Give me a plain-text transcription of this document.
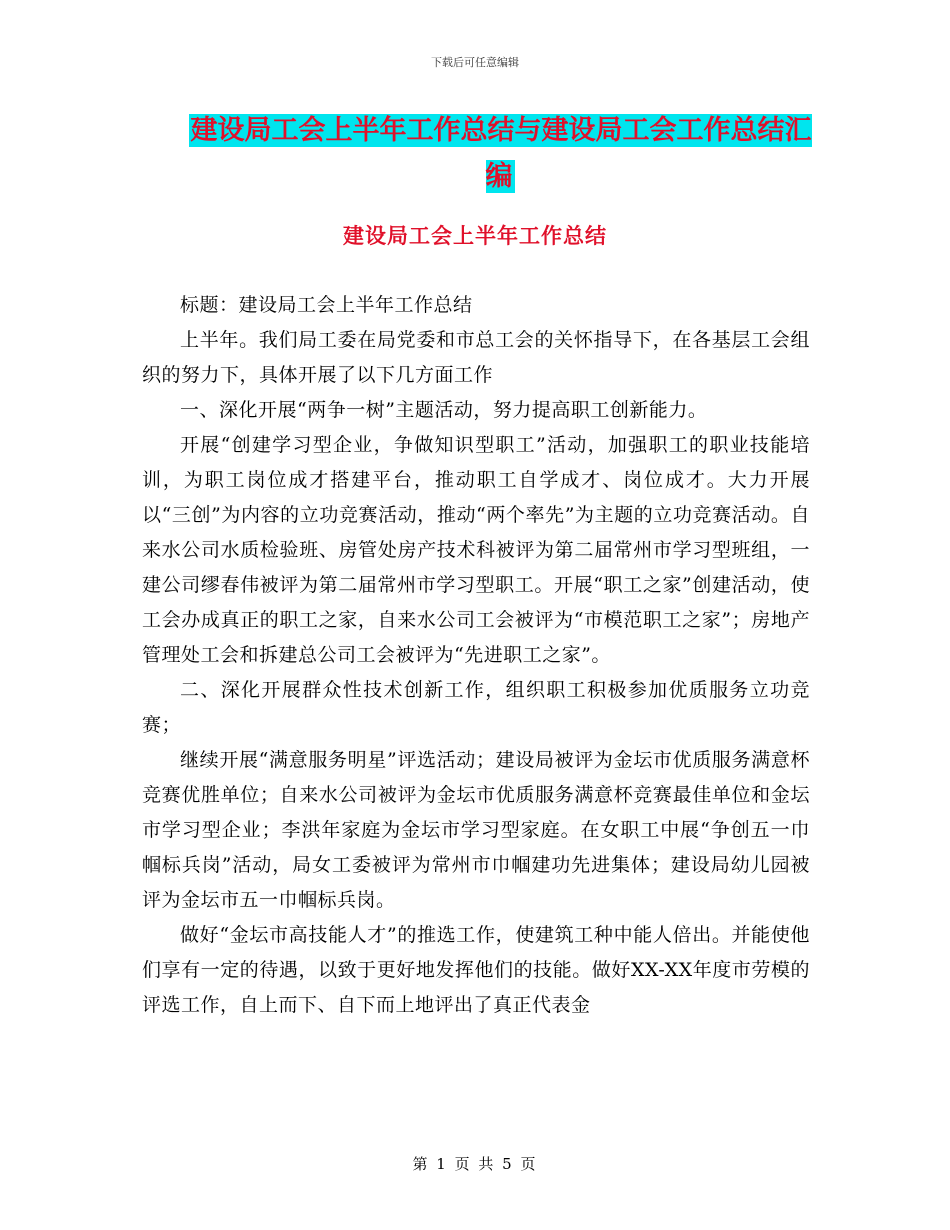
下载后可任意编辑
建设局工会上半年工作总结与建设局工会工作总结汇编
建设局工会上半年工作总结

标题：建设局工会上半年工作总结

上半年。我们局工委在局党委和市总工会的关怀指导下，在各基层工会组织的努力下，具体开展了以下几方面工作

一、深化开展“两争一树”主题活动，努力提高职工创新能力。

开展“创建学习型企业，争做知识型职工”活动，加强职工的职业技能培训，为职工岗位成才搭建平台，推动职工自学成才、岗位成才。大力开展以“三创”为内容的立功竞赛活动，推动“两个率先”为主题的立功竞赛活动。自来水公司水质检验班、房管处房产技术科被评为第二届常州市学习型班组，一建公司缪春伟被评为第二届常州市学习型职工。开展“职工之家”创建活动，使工会办成真正的职工之家，自来水公司工会被评为“市模范职工之家”；房地产管理处工会和拆建总公司工会被评为“先进职工之家”。

二、深化开展群众性技术创新工作，组织职工积极参加优质服务立功竞赛；

继续开展“满意服务明星”评选活动；建设局被评为金坛市优质服务满意杯竞赛优胜单位；自来水公司被评为金坛市优质服务满意杯竞赛最佳单位和金坛市学习型企业；李洪年家庭为金坛市学习型家庭。在女职工中展“争创五一巾帼标兵岗”活动，局女工委被评为常州市巾帼建功先进集体；建设局幼儿园被评为金坛市五一巾帼标兵岗。

做好“金坛市高技能人才”的推选工作，使建筑工种中能人倍出。并能使他们享有一定的待遇，以致于更好地发挥他们的技能。做好XX-XX年度市劳模的评选工作，自上而下、自下而上地评出了真正代表金

第 1 页 共 5 页
